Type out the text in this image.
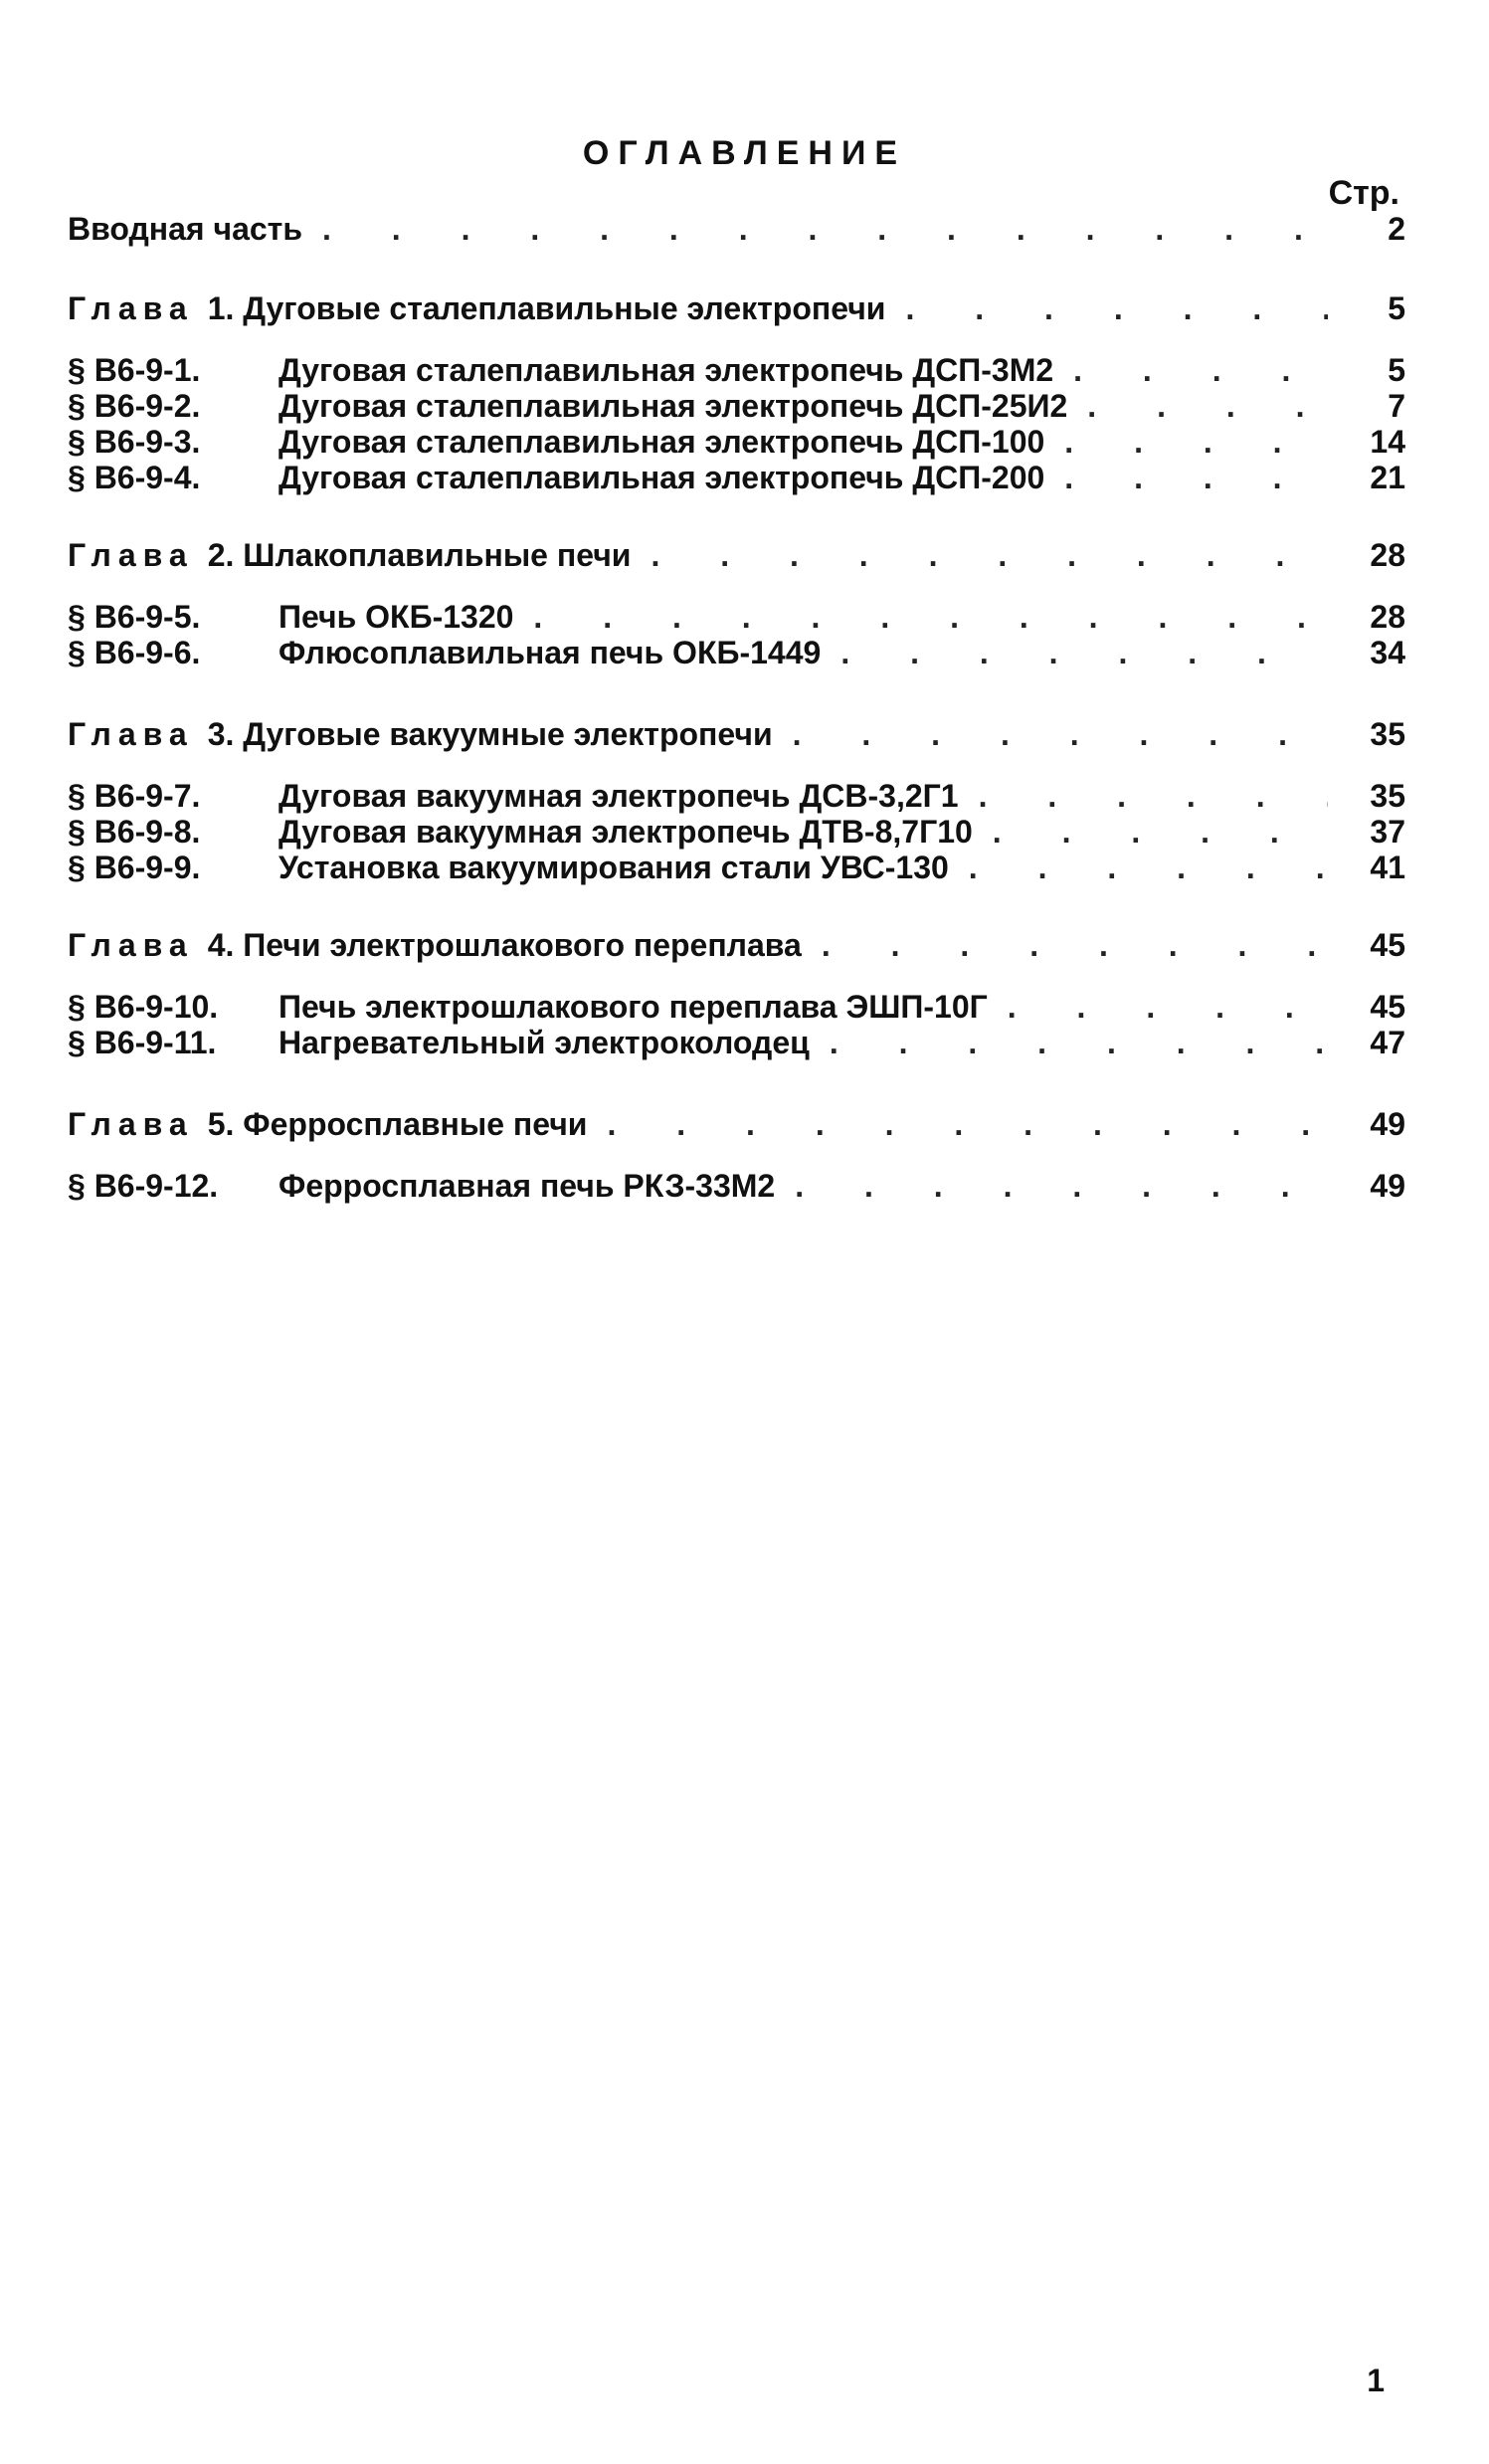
ОГЛАВЛЕНИЕ
Стр.
Вводная часть . . .	2
Глава 1. Дуговые сталеплавильные электропечи . . .	5
§ В6-9-1.	Дуговая сталеплавильная электропечь ДСП-3М2 . . .	5
§ В6-9-2.	Дуговая сталеплавильная электропечь ДСП-25И2 . . .	7
§ В6-9-3.	Дуговая сталеплавильная электропечь ДСП-100 . . .	14
§ В6-9-4.	Дуговая сталеплавильная электропечь ДСП-200 . . .	21
Глава 2. Шлакоплавильные печи . . .	28
§ В6-9-5.	Печь ОКБ-1320 . . .	28
§ В6-9-6.	Флюсоплавильная печь ОКБ-1449 . . .	34
Глава 3. Дуговые вакуумные электропечи . . .	35
§ В6-9-7.	Дуговая вакуумная электропечь ДСВ-3,2Г1 . . .	35
§ В6-9-8.	Дуговая вакуумная электропечь ДТВ-8,7Г10 . . .	37
§ В6-9-9.	Установка вакуумирования стали УВС-130 . . .	41
Глава 4. Печи электрошлакового переплава . . .	45
§ В6-9-10.	Печь электрошлакового переплава ЭШП-10Г . . .	45
§ В6-9-11.	Нагревательный электроколодец . . .	47
Глава 5. Ферросплавные печи . . .	49
§ В6-9-12.	Ферросплавная печь РКЗ-33М2 . . .	49
1
